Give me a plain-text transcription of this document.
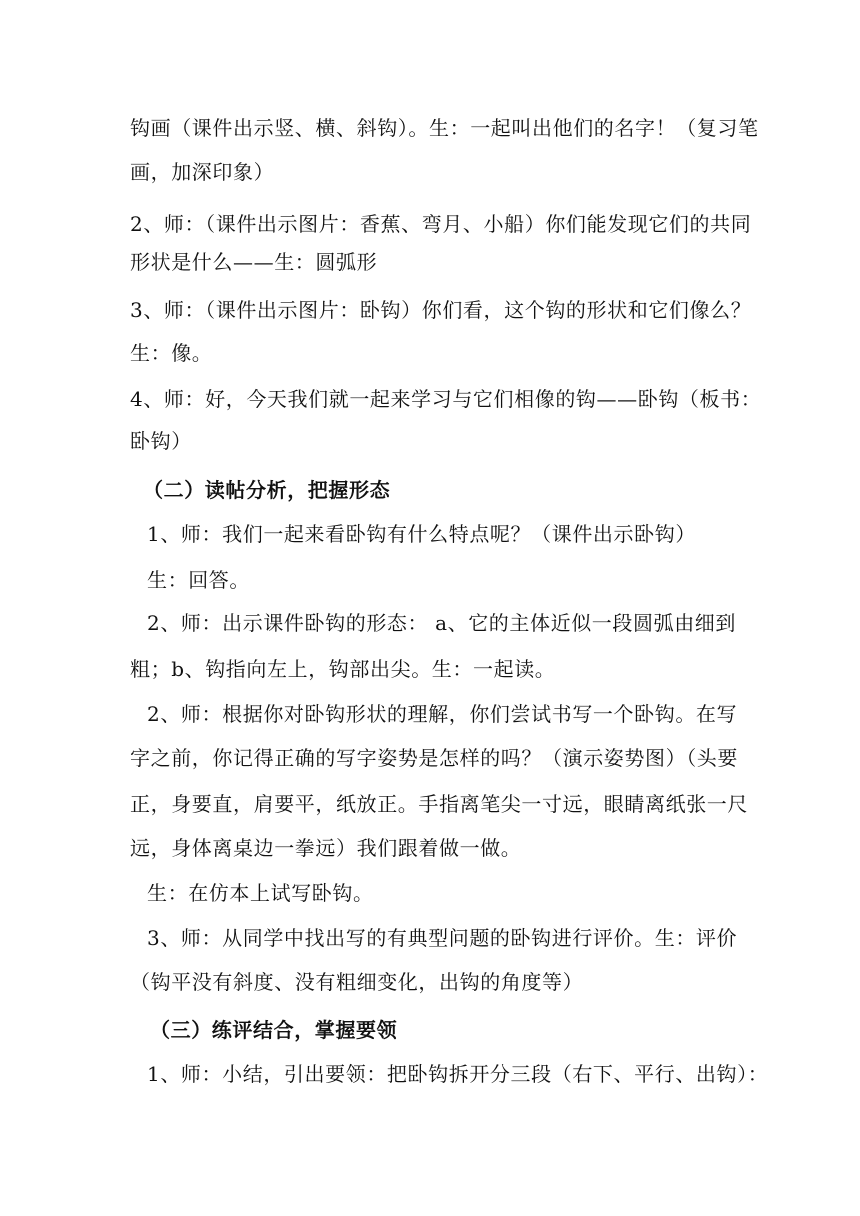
钩画（课件出示竖、横、斜钩）。生：一起叫出他们的名字！（复习笔
画，加深印象）
2、师：（课件出示图片：香蕉、弯月、小船）你们能发现它们的共同
形状是什么——生：圆弧形
3、师：（课件出示图片：卧钩）你们看，这个钩的形状和它们像么？
生：像。
4、师：好，今天我们就一起来学习与它们相像的钩——卧钩（板书：
卧钩）
（二）读帖分析，把握形态
1、师：我们一起来看卧钩有什么特点呢？（课件出示卧钩）
生：回答。
2、师：出示课件卧钩的形态： a、它的主体近似一段圆弧由细到
粗；b、钩指向左上，钩部出尖。生：一起读。
2、师：根据你对卧钩形状的理解，你们尝试书写一个卧钩。在写
字之前，你记得正确的写字姿势是怎样的吗？（演示姿势图）（头要
正，身要直，肩要平，纸放正。手指离笔尖一寸远，眼睛离纸张一尺
远，身体离桌边一拳远）我们跟着做一做。
生：在仿本上试写卧钩。
3、师：从同学中找出写的有典型问题的卧钩进行评价。生：评价
（钩平没有斜度、没有粗细变化，出钩的角度等）
（三）练评结合，掌握要领
1、师：小结，引出要领：把卧钩拆开分三段（右下、平行、出钩）：
